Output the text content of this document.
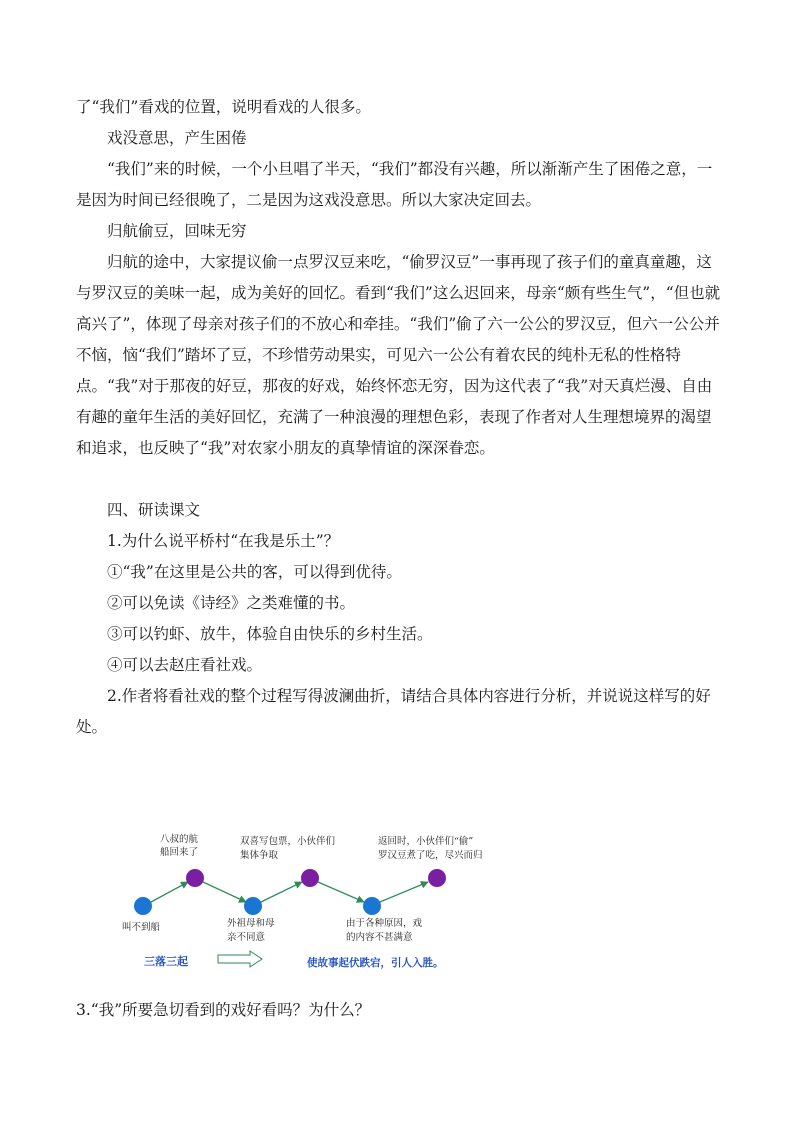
了“我们”看戏的位置，说明看戏的人很多。

戏没意思，产生困倦

“我们”来的时候，一个小旦唱了半天，“我们”都没有兴趣，所以渐渐产生了困倦之意，一是因为时间已经很晚了，二是因为这戏没意思。所以大家决定回去。

归航偷豆，回味无穷

归航的途中，大家提议偷一点罗汉豆来吃，“偷罗汉豆”一事再现了孩子们的童真童趣，这与罗汉豆的美味一起，成为美好的回忆。看到“我们”这么迟回来，母亲“颇有些生气”，“但也就高兴了”，体现了母亲对孩子们的不放心和牵挂。“我们”偷了六一公公的罗汉豆，但六一公公并不恼，恼“我们”踏坏了豆，不珍惜劳动果实，可见六一公公有着农民的纯朴无私的性格特点。“我”对于那夜的好豆，那夜的好戏，始终怀恋无穷，因为这代表了“我”对天真烂漫、自由有趣的童年生活的美好回忆，充满了一种浪漫的理想色彩，表现了作者对人生理想境界的渴望和追求，也反映了“我”对农家小朋友的真挚情谊的深深眷恋。

四、研读课文

1.为什么说平桥村“在我是乐土”？

①“我”在这里是公共的客，可以得到优待。

②可以免读《诗经》之类难懂的书。

③可以钓虾、放牛，体验自由快乐的乡村生活。

④可以去赵庄看社戏。

2.作者将看社戏的整个过程写得波澜曲折，请结合具体内容进行分析，并说说这样写的好处。

八叔的航
船回来了
双喜写包票，小伙伴们
集体争取
返回时，小伙伴们“偷”
罗汉豆煮了吃，尽兴而归
叫不到船	外祖母和母
亲不同意
由于各种原因，戏
的内容不甚满意
三落三起	使故事起伏跌宕，引人入胜。

3.“我”所要急切看到的戏好看吗？为什么？
